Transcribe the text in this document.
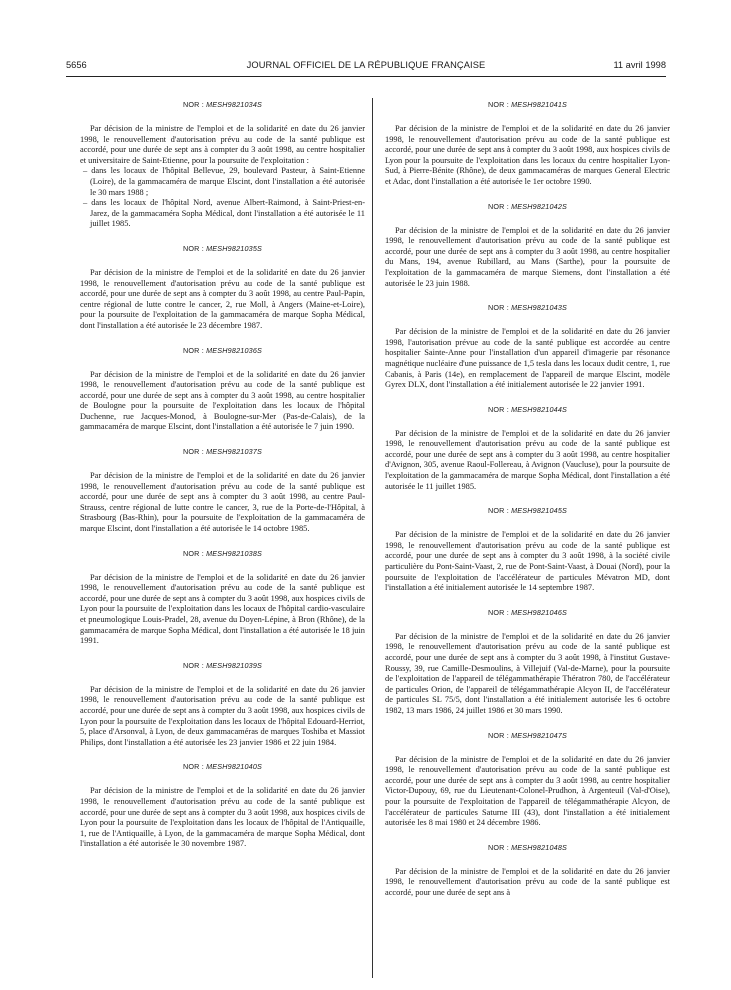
5656	JOURNAL OFFICIEL DE LA RÉPUBLIQUE FRANÇAISE	11 avril 1998

NOR : MESH9821034S

Par décision de la ministre de l'emploi et de la solidarité en date du 26 janvier 1998, le renouvellement d'autorisation prévu au code de la santé publique est accordé, pour une durée de sept ans à compter du 3 août 1998, au centre hospitalier et universitaire de Saint-Etienne, pour la poursuite de l'exploitation :

– dans les locaux de l'hôpital Bellevue, 29, boulevard Pasteur, à Saint-Etienne (Loire), de la gammacaméra de marque Elscint, dont l'installation a été autorisée le 30 mars 1988 ;

– dans les locaux de l'hôpital Nord, avenue Albert-Raimond, à Saint-Priest-en-Jarez, de la gammacaméra Sopha Médical, dont l'installation a été autorisée le 11 juillet 1985.

NOR : MESH9821035S

Par décision de la ministre de l'emploi et de la solidarité en date du 26 janvier 1998, le renouvellement d'autorisation prévu au code de la santé publique est accordé, pour une durée de sept ans à compter du 3 août 1998, au centre Paul-Papin, centre régional de lutte contre le cancer, 2, rue Moll, à Angers (Maine-et-Loire), pour la poursuite de l'exploitation de la gammacaméra de marque Sopha Médical, dont l'installation a été autorisée le 23 décembre 1987.

NOR : MESH9821036S

Par décision de la ministre de l'emploi et de la solidarité en date du 26 janvier 1998, le renouvellement d'autorisation prévu au code de la santé publique est accordé, pour une durée de sept ans à compter du 3 août 1998, au centre hospitalier de Boulogne pour la poursuite de l'exploitation dans les locaux de l'hôpital Duchenne, rue Jacques-Monod, à Boulogne-sur-Mer (Pas-de-Calais), de la gammacaméra de marque Elscint, dont l'installation a été autorisée le 7 juin 1990.

NOR : MESH9821037S

Par décision de la ministre de l'emploi et de la solidarité en date du 26 janvier 1998, le renouvellement d'autorisation prévu au code de la santé publique est accordé, pour une durée de sept ans à compter du 3 août 1998, au centre Paul-Strauss, centre régional de lutte contre le cancer, 3, rue de la Porte-de-l'Hôpital, à Strasbourg (Bas-Rhin), pour la poursuite de l'exploitation de la gammacaméra de marque Elscint, dont l'installation a été autorisée le 14 octobre 1985.

NOR : MESH9821038S

Par décision de la ministre de l'emploi et de la solidarité en date du 26 janvier 1998, le renouvellement d'autorisation prévu au code de la santé publique est accordé, pour une durée de sept ans à compter du 3 août 1998, aux hospices civils de Lyon pour la poursuite de l'exploitation dans les locaux de l'hôpital cardio-vasculaire et pneumologique Louis-Pradel, 28, avenue du Doyen-Lépine, à Bron (Rhône), de la gammacaméra de marque Sopha Médical, dont l'installation a été autorisée le 18 juin 1991.

NOR : MESH9821039S

Par décision de la ministre de l'emploi et de la solidarité en date du 26 janvier 1998, le renouvellement d'autorisation prévu au code de la santé publique est accordé, pour une durée de sept ans à compter du 3 août 1998, aux hospices civils de Lyon pour la poursuite de l'exploitation dans les locaux de l'hôpital Edouard-Herriot, 5, place d'Arsonval, à Lyon, de deux gammacaméras de marques Toshiba et Massiot Philips, dont l'installation a été autorisée les 23 janvier 1986 et 22 juin 1984.

NOR : MESH9821040S

Par décision de la ministre de l'emploi et de la solidarité en date du 26 janvier 1998, le renouvellement d'autorisation prévu au code de la santé publique est accordé, pour une durée de sept ans à compter du 3 août 1998, aux hospices civils de Lyon pour la poursuite de l'exploitation dans les locaux de l'hôpital de l'Antiquaille, 1, rue de l'Antiquaille, à Lyon, de la gammacaméra de marque Sopha Médical, dont l'installation a été autorisée le 30 novembre 1987.

NOR : MESH9821041S

Par décision de la ministre de l'emploi et de la solidarité en date du 26 janvier 1998, le renouvellement d'autorisation prévu au code de la santé publique est accordé, pour une durée de sept ans à compter du 3 août 1998, aux hospices civils de Lyon pour la poursuite de l'exploitation dans les locaux du centre hospitalier Lyon-Sud, à Pierre-Bénite (Rhône), de deux gammacaméras de marques General Electric et Adac, dont l'installation a été autorisée le 1er octobre 1990.

NOR : MESH9821042S

Par décision de la ministre de l'emploi et de la solidarité en date du 26 janvier 1998, le renouvellement d'autorisation prévu au code de la santé publique est accordé, pour une durée de sept ans à compter du 3 août 1998, au centre hospitalier du Mans, 194, avenue Rubillard, au Mans (Sarthe), pour la poursuite de l'exploitation de la gammacaméra de marque Siemens, dont l'installation a été autorisée le 23 juin 1988.

NOR : MESH9821043S

Par décision de la ministre de l'emploi et de la solidarité en date du 26 janvier 1998, l'autorisation prévue au code de la santé publique est accordée au centre hospitalier Sainte-Anne pour l'installation d'un appareil d'imagerie par résonance magnétique nucléaire d'une puissance de 1,5 tesla dans les locaux dudit centre, 1, rue Cabanis, à Paris (14e), en remplacement de l'appareil de marque Elscint, modèle Gyrex DLX, dont l'installation a été initialement autorisée le 22 janvier 1991.

NOR : MESH9821044S

Par décision de la ministre de l'emploi et de la solidarité en date du 26 janvier 1998, le renouvellement d'autorisation prévu au code de la santé publique est accordé, pour une durée de sept ans à compter du 3 août 1998, au centre hospitalier d'Avignon, 305, avenue Raoul-Follereau, à Avignon (Vaucluse), pour la poursuite de l'exploitation de la gammacaméra de marque Sopha Médical, dont l'installation a été autorisée le 11 juillet 1985.

NOR : MESH9821045S

Par décision de la ministre de l'emploi et de la solidarité en date du 26 janvier 1998, le renouvellement d'autorisation prévu au code de la santé publique est accordé, pour une durée de sept ans à compter du 3 août 1998, à la société civile particulière du Pont-Saint-Vaast, 2, rue de Pont-Saint-Vaast, à Douai (Nord), pour la poursuite de l'exploitation de l'accélérateur de particules Mévatron MD, dont l'installation a été initialement autorisée le 14 septembre 1987.

NOR : MESH9821046S

Par décision de la ministre de l'emploi et de la solidarité en date du 26 janvier 1998, le renouvellement d'autorisation prévu au code de la santé publique est accordé, pour une durée de sept ans à compter du 3 août 1998, à l'institut Gustave-Roussy, 39, rue Camille-Desmoulins, à Villejuif (Val-de-Marne), pour la poursuite de l'exploitation de l'appareil de télégammathérapie Thératron 780, de l'accélérateur de particules Orion, de l'appareil de télégammathérapie Alcyon II, de l'accélérateur de particules SL 75/5, dont l'installation a été initialement autorisée les 6 octobre 1982, 13 mars 1986, 24 juillet 1986 et 30 mars 1990.

NOR : MESH9821047S

Par décision de la ministre de l'emploi et de la solidarité en date du 26 janvier 1998, le renouvellement d'autorisation prévu au code de la santé publique est accordé, pour une durée de sept ans à compter du 3 août 1998, au centre hospitalier Victor-Dupouy, 69, rue du Lieutenant-Colonel-Prudhon, à Argenteuil (Val-d'Oise), pour la poursuite de l'exploitation de l'appareil de télégammathérapie Alcyon, de l'accélérateur de particules Saturne III (43), dont l'installation a été initialement autorisée les 8 mai 1980 et 24 décembre 1986.

NOR : MESH9821048S

Par décision de la ministre de l'emploi et de la solidarité en date du 26 janvier 1998, le renouvellement d'autorisation prévu au code de la santé publique est accordé, pour une durée de sept ans à
